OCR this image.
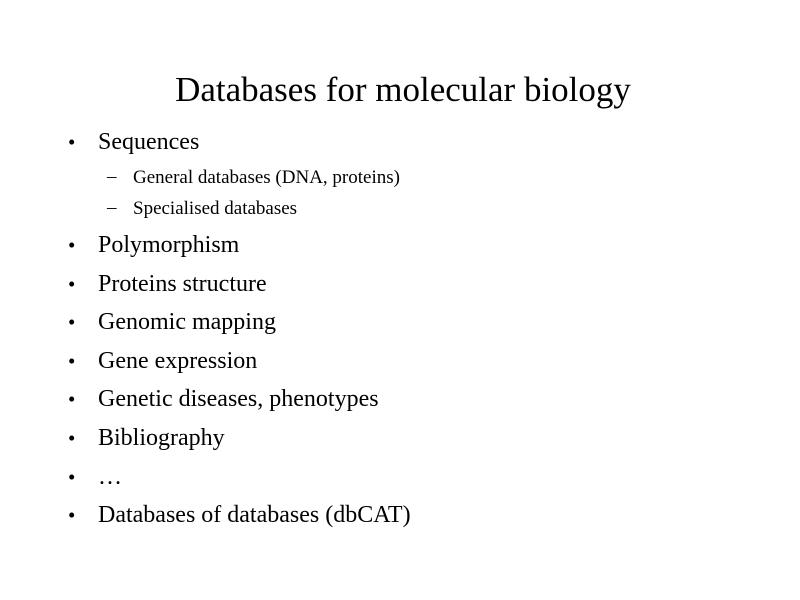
Databases for molecular biology
• Sequences
– General databases (DNA, proteins)
– Specialised databases
• Polymorphism
• Proteins structure
• Genomic mapping
• Gene expression
• Genetic diseases, phenotypes
• Bibliography
• …
• Databases of databases (dbCAT)
